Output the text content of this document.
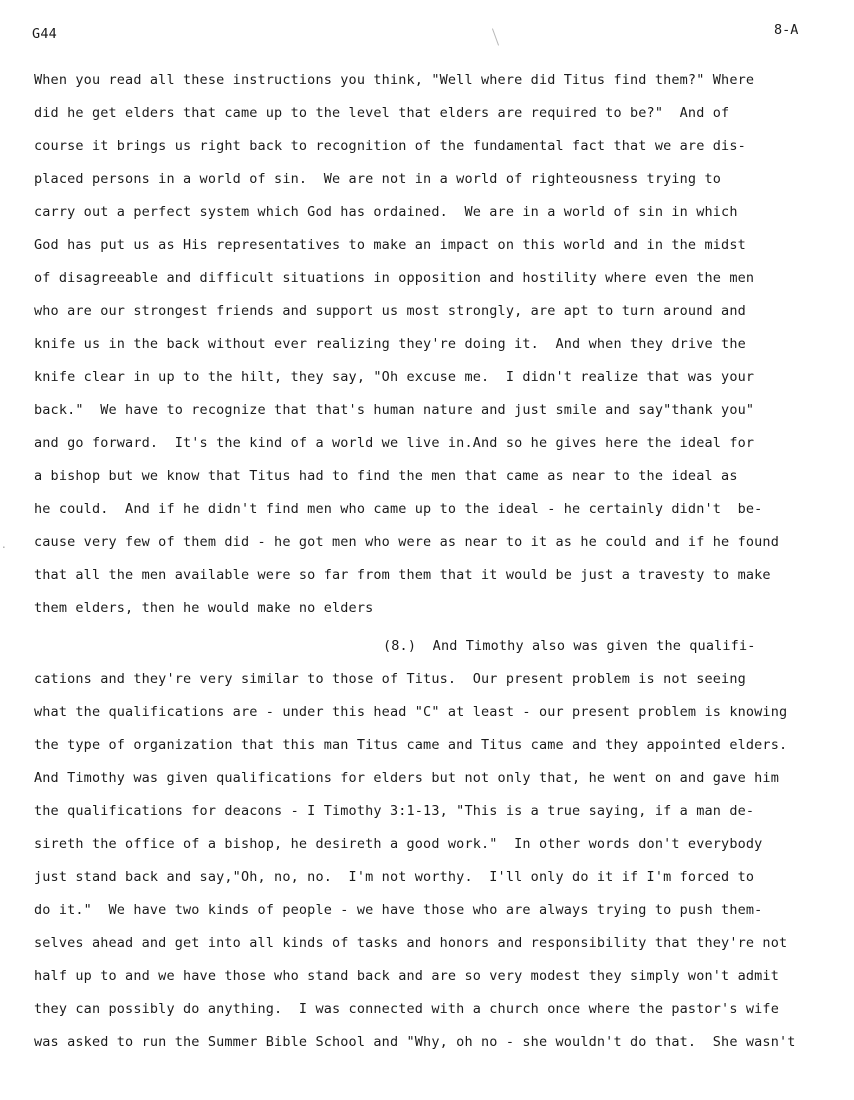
G44	8-A
․
When you read all these instructions you think, "Well where did Titus find them?" Where
did he get elders that came up to the level that elders are required to be?"  And of
course it brings us right back to recognition of the fundamental fact that we are dis-
placed persons in a world of sin.  We are not in a world of righteousness trying to
carry out a perfect system which God has ordained.  We are in a world of sin in which
God has put us as His representatives to make an impact on this world and in the midst
of disagreeable and difficult situations in opposition and hostility where even the men
who are our strongest friends and support us most strongly, are apt to turn around and
knife us in the back without ever realizing they're doing it.  And when they drive the
knife clear in up to the hilt, they say, "Oh excuse me.  I didn't realize that was your
back."  We have to recognize that that's human nature and just smile and say"thank you"
and go forward.  It's the kind of a world we live in.And so he gives here the ideal for
a bishop but we know that Titus had to find the men that came as near to the ideal as
he could.  And if he didn't find men who came up to the ideal - he certainly didn't  be-
cause very few of them did - he got men who were as near to it as he could and if he found
that all the men available were so far from them that it would be just a travesty to make
them elders, then he would make no elders
(8.)  And Timothy also was given the qualifi-
cations and they're very similar to those of Titus.  Our present problem is not seeing
what the qualifications are - under this head "C" at least - our present problem is knowing
the type of organization that this man Titus came and Titus came and they appointed elders.
And Timothy was given qualifications for elders but not only that, he went on and gave him
the qualifications for deacons - I Timothy 3:1-13, "This is a true saying, if a man de-
sireth the office of a bishop, he desireth a good work."  In other words don't everybody
just stand back and say,"Oh, no, no.  I'm not worthy.  I'll only do it if I'm forced to
do it."  We have two kinds of people - we have those who are always trying to push them-
selves ahead and get into all kinds of tasks and honors and responsibility that they're not
half up to and we have those who stand back and are so very modest they simply won't admit
they can possibly do anything.  I was connected with a church once where the pastor's wife
was asked to run the Summer Bible School and "Why, oh no - she wouldn't do that.  She wasn't
